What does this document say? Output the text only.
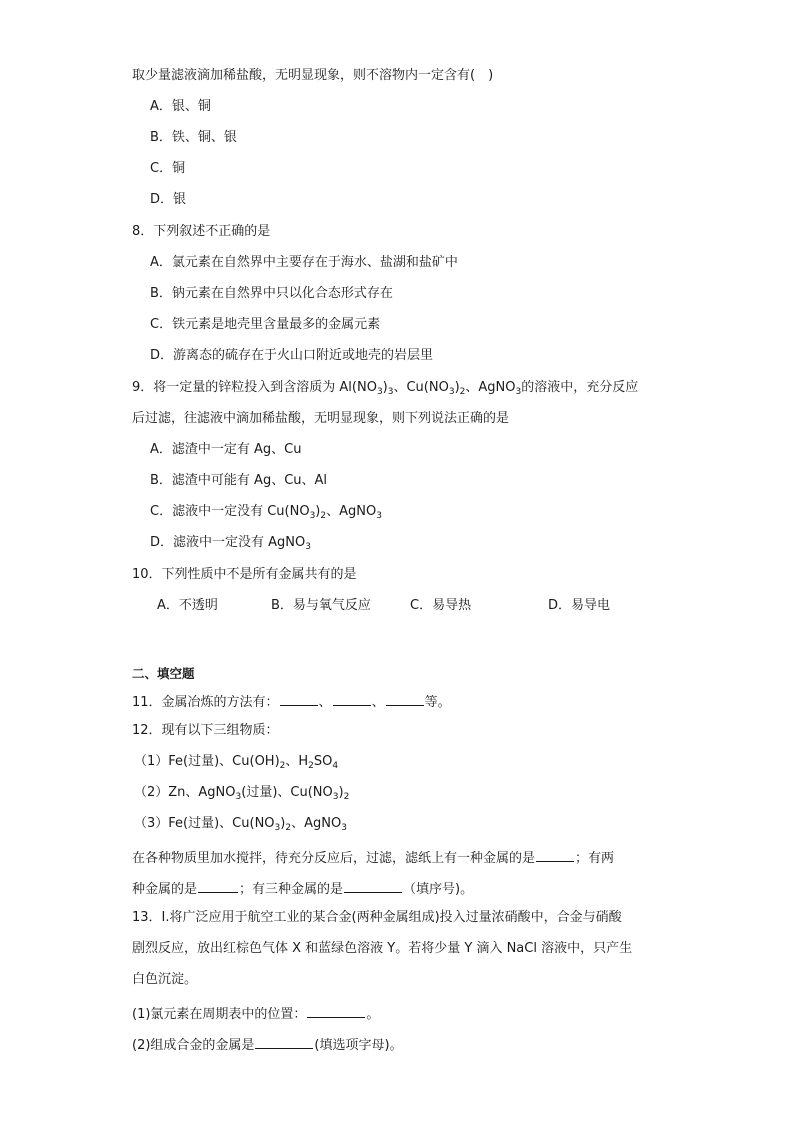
取少量滤液滴加稀盐酸，无明显现象，则不溶物内一定含有(　)
A．银、铜
B．铁、铜、银
C．铜
D．银
8．下列叙述不正确的是
A．氯元素在自然界中主要存在于海水、盐湖和盐矿中
B．钠元素在自然界中只以化合态形式存在
C．铁元素是地壳里含量最多的金属元素
D．游离态的硫存在于火山口附近或地壳的岩层里
9．将一定量的锌粒投入到含溶质为 $Al(NO_3)_3$、$Cu(NO_3)_2$、AgNO$_3$的溶液中，充分反应
后过滤，往滤液中滴加稀盐酸，无明显现象，则下列说法正确的是
A．滤渣中一定有 Ag、Cu
B．滤渣中可能有 Ag、Cu、Al
C．滤液中一定没有 $Cu(NO_3)_2$、AgNO$_3$
D．滤液中一定没有 AgNO$_3$
10．下列性质中不是所有金属共有的是
A．不透明	B．易与氧气反应	C．易导热	D．易导电
二、填空题
11．金属冶炼的方法有：	、	、	等。
12．现有以下三组物质：
（1）Fe(过量)、$Cu(OH)_2$、$H_2SO_4$
（2）Zn、AgNO$_3$(过量)、$Cu(NO_3)_2$
（3）Fe(过量)、$Cu(NO_3)_2$、AgNO$_3$
在各种物质里加水搅拌，待充分反应后，过滤，滤纸上有一种金属的是	；有两
种金属的是	；有三种金属的是	（填序号)。
13．Ⅰ.将广泛应用于航空工业的某合金(两种金属组成)投入过量浓硝酸中，合金与硝酸
剧烈反应，放出红棕色气体 X 和蓝绿色溶液 Y。若将少量 Y 滴入 NaCl 溶液中，只产生
白色沉淀。
(1)氯元素在周期表中的位置：	。
(2)组成合金的金属是	(填选项字母)。
